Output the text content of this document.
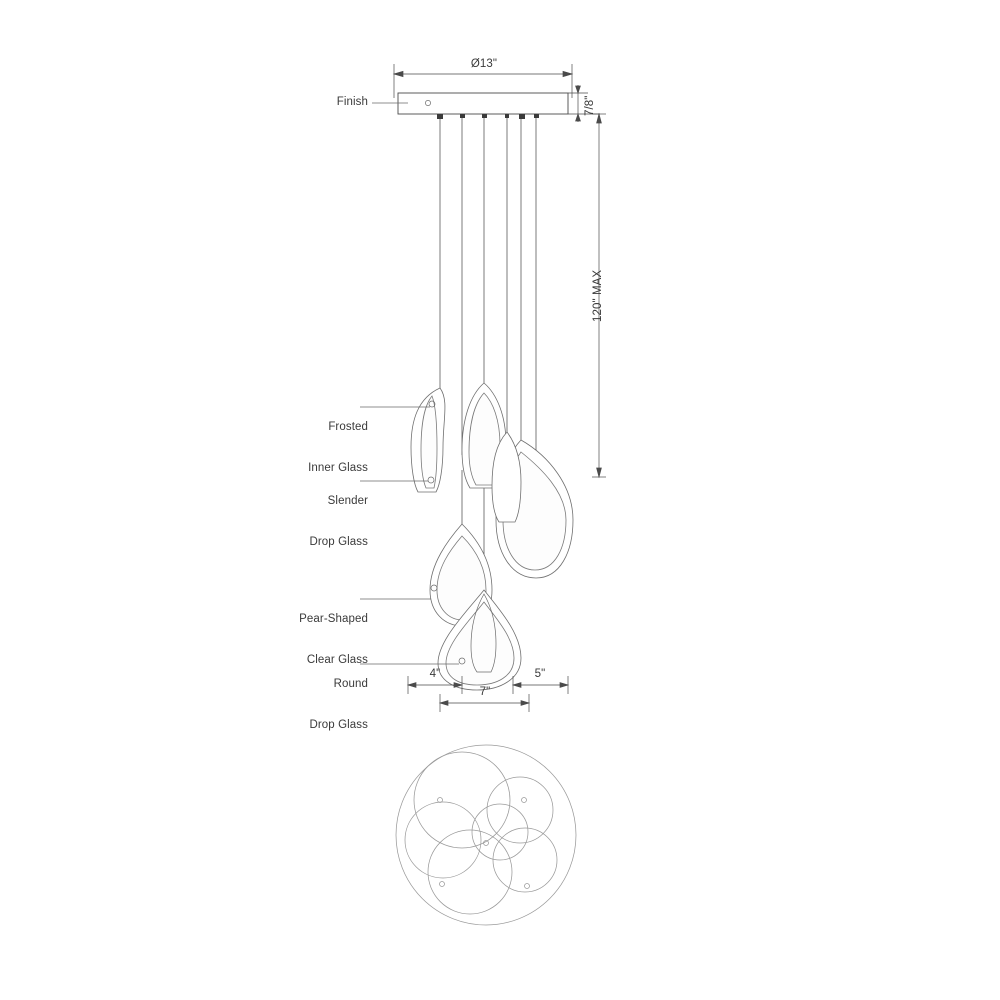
Ø13"
7/8"
120" MAX
Finish

Frosted

Inner Glass

Slender

Drop Glass

Pear-Shaped

Clear Glass

Round

Drop Glass

4"	5"
7"
